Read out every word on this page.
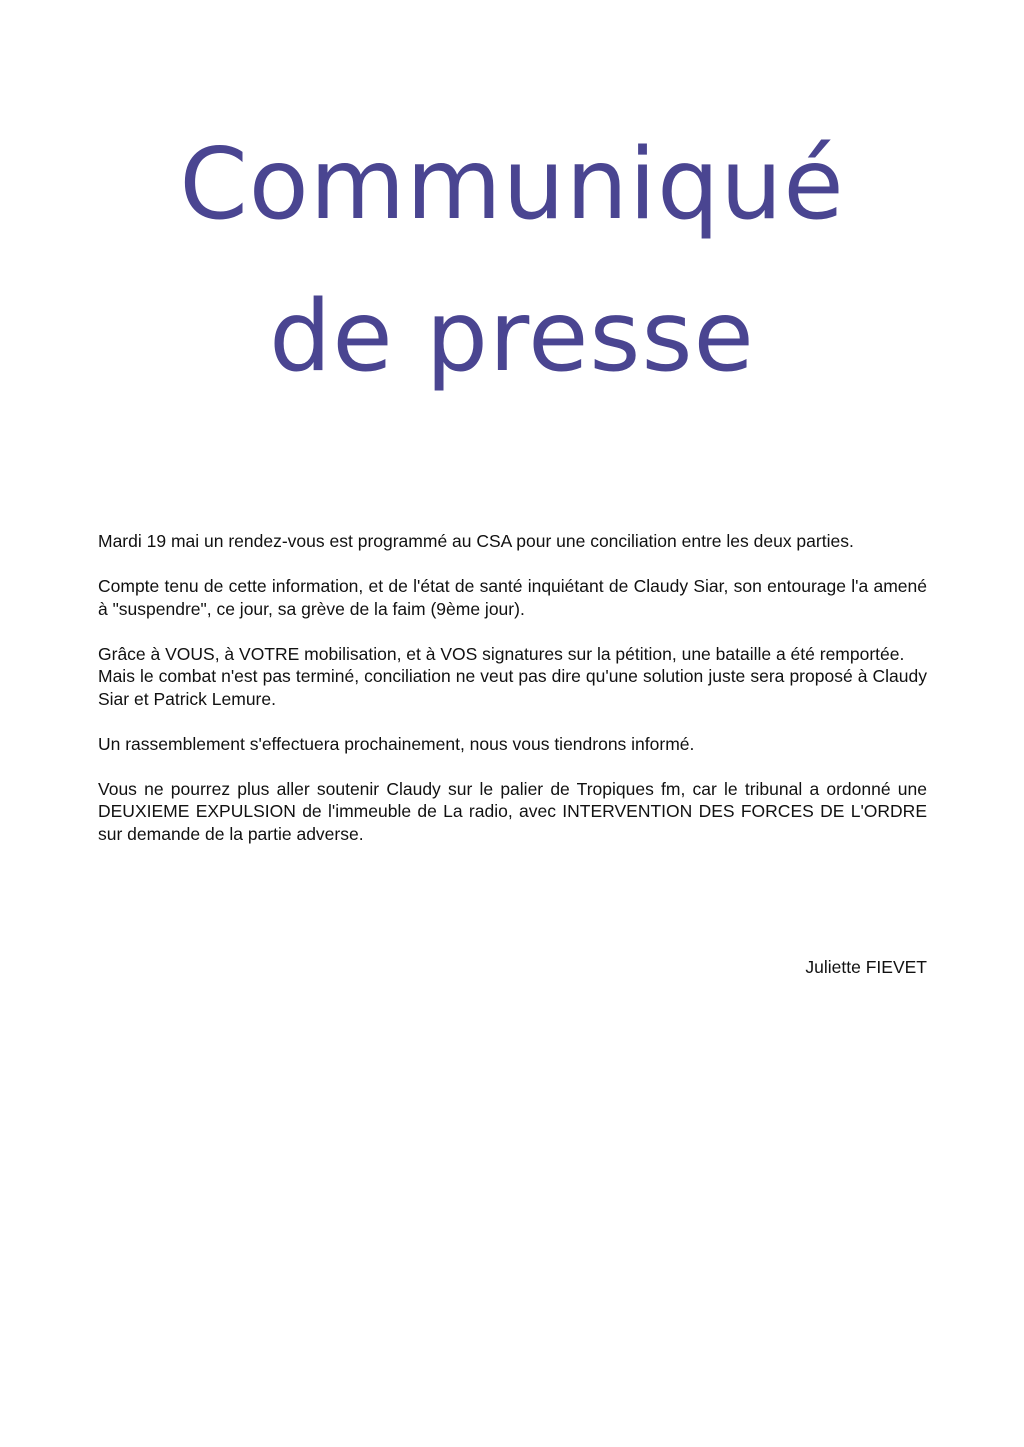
Communiqué
de presse

Mardi 19 mai un rendez-vous est programmé au CSA pour une conciliation entre les deux parties.

Compte tenu de cette information, et de l'état de santé inquiétant de Claudy Siar, son entourage l'a amené à "suspendre", ce jour, sa grève de la faim (9ème jour).

Grâce à VOUS, à VOTRE mobilisation, et à VOS signatures sur la pétition, une bataille a été remportée.

Mais le combat n'est pas terminé, conciliation ne veut pas dire qu'une solution juste sera proposé à Claudy Siar et Patrick Lemure.

Un rassemblement s'effectuera prochainement, nous vous tiendrons informé.

Vous ne pourrez plus aller soutenir Claudy sur le palier de Tropiques fm, car le tribunal a ordonné une DEUXIEME EXPULSION de l'immeuble de La radio, avec INTERVENTION DES FORCES DE L'ORDRE sur demande de la partie adverse.

Juliette FIEVET
